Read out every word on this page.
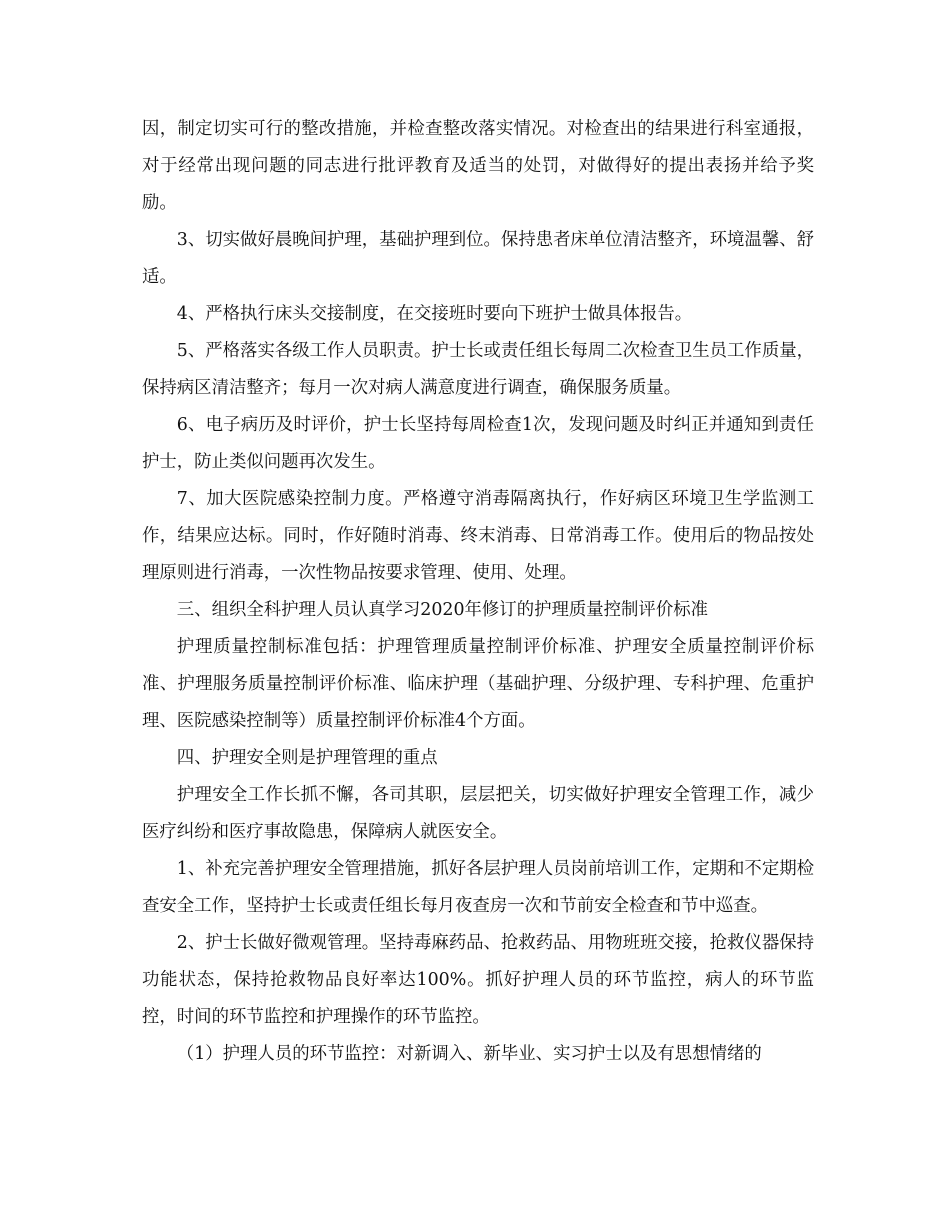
因，制定切实可行的整改措施，并检查整改落实情况。对检查出的结果进行科室通报，对于经常出现问题的同志进行批评教育及适当的处罚，对做得好的提出表扬并给予奖励。

3、切实做好晨晚间护理，基础护理到位。保持患者床单位清洁整齐，环境温馨、舒适。

4、严格执行床头交接制度，在交接班时要向下班护士做具体报告。

5、严格落实各级工作人员职责。护士长或责任组长每周二次检查卫生员工作质量，保持病区清洁整齐；每月一次对病人满意度进行调查，确保服务质量。

6、电子病历及时评价，护士长坚持每周检查1次，发现问题及时纠正并通知到责任护士，防止类似问题再次发生。

7、加大医院感染控制力度。严格遵守消毒隔离执行，作好病区环境卫生学监测工作，结果应达标。同时，作好随时消毒、终末消毒、日常消毒工作。使用后的物品按处理原则进行消毒，一次性物品按要求管理、使用、处理。

三、组织全科护理人员认真学习2020年修订的护理质量控制评价标准

护理质量控制标准包括：护理管理质量控制评价标准、护理安全质量控制评价标准、护理服务质量控制评价标准、临床护理（基础护理、分级护理、专科护理、危重护理、医院感染控制等）质量控制评价标准4个方面。

四、护理安全则是护理管理的重点

护理安全工作长抓不懈，各司其职，层层把关，切实做好护理安全管理工作，减少医疗纠纷和医疗事故隐患，保障病人就医安全。

1、补充完善护理安全管理措施，抓好各层护理人员岗前培训工作，定期和不定期检查安全工作，坚持护士长或责任组长每月夜查房一次和节前安全检查和节中巡查。

2、护士长做好微观管理。坚持毒麻药品、抢救药品、用物班班交接，抢救仪器保持功能状态，保持抢救物品良好率达100%。抓好护理人员的环节监控，病人的环节监控，时间的环节监控和护理操作的环节监控。

（1）护理人员的环节监控：对新调入、新毕业、实习护士以及有思想情绪的
